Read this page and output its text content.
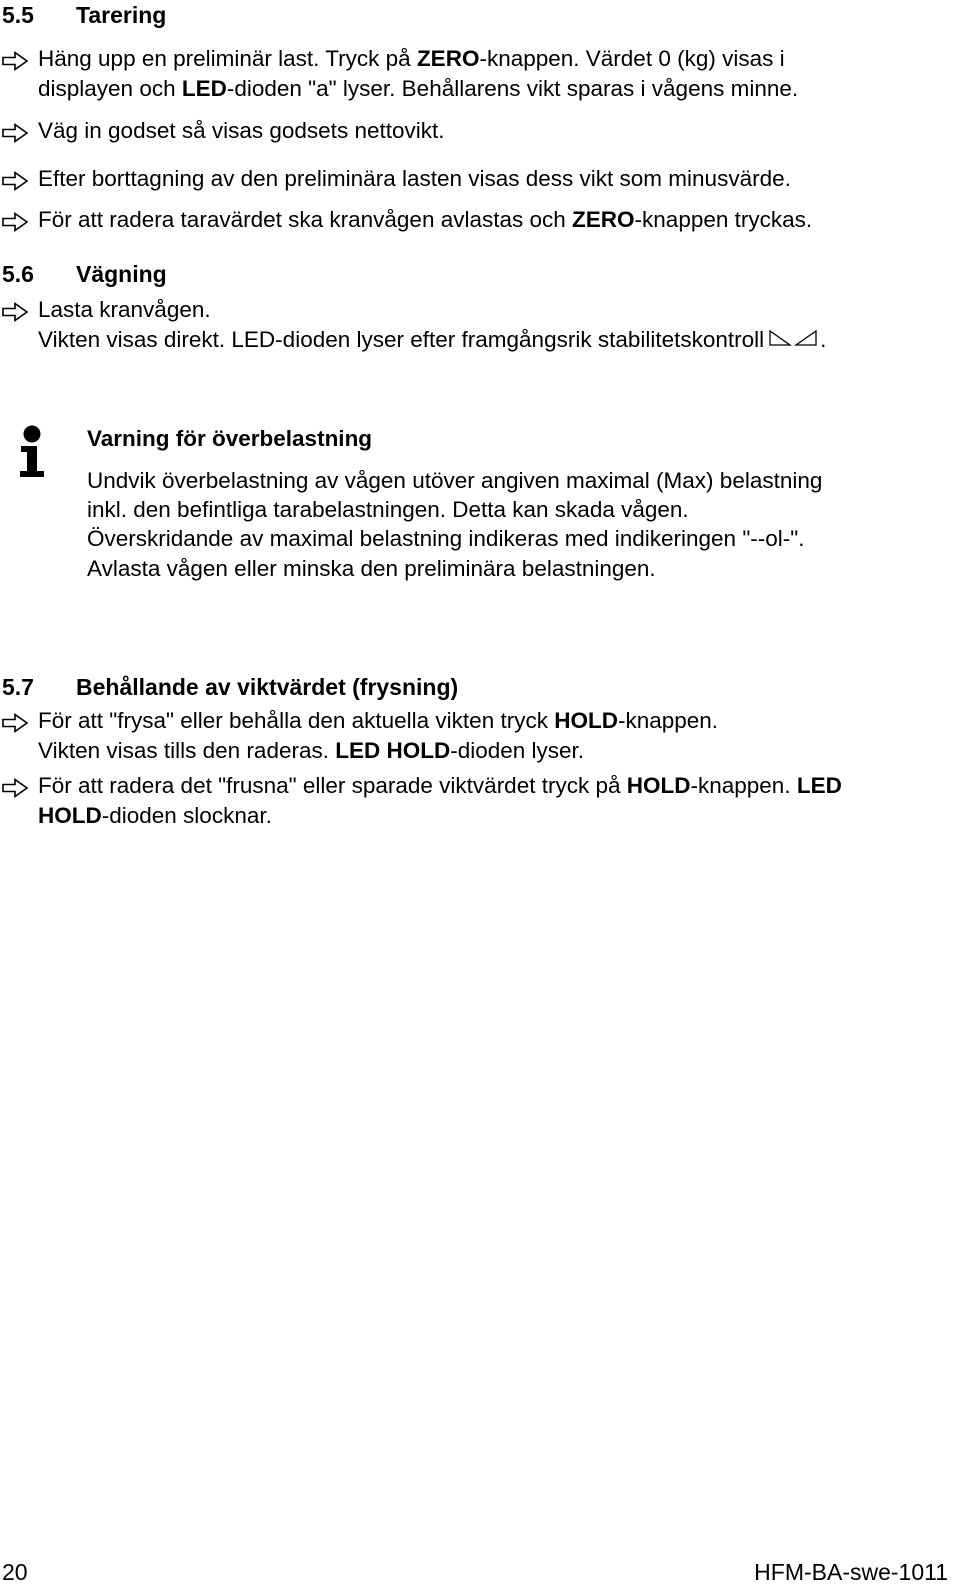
5.5 Tarering
Häng upp en preliminär last. Tryck på ZERO-knappen. Värdet 0 (kg) visas i
displayen och LED-dioden "a" lyser. Behållarens vikt sparas i vågens minne.
Väg in godset så visas godsets nettovikt.
Efter borttagning av den preliminära lasten visas dess vikt som minusvärde.
För att radera taravärdet ska kranvågen avlastas och ZERO-knappen tryckas.
5.6 Vägning
Lasta kranvågen.
Vikten visas direkt. LED-dioden lyser efter framgångsrik stabilitetskontroll .
Varning för överbelastning
Undvik överbelastning av vågen utöver angiven maximal (Max) belastning
inkl. den befintliga tarabelastningen. Detta kan skada vågen.
Överskridande av maximal belastning indikeras med indikeringen "--ol-".
Avlasta vågen eller minska den preliminära belastningen.
5.7 Behållande av viktvärdet (frysning)
För att "frysa" eller behålla den aktuella vikten tryck HOLD-knappen.
Vikten visas tills den raderas. LED HOLD-dioden lyser.
För att radera det "frusna" eller sparade viktvärdet tryck på HOLD-knappen. LED
HOLD-dioden slocknar.
20	HFM-BA-swe-1011
